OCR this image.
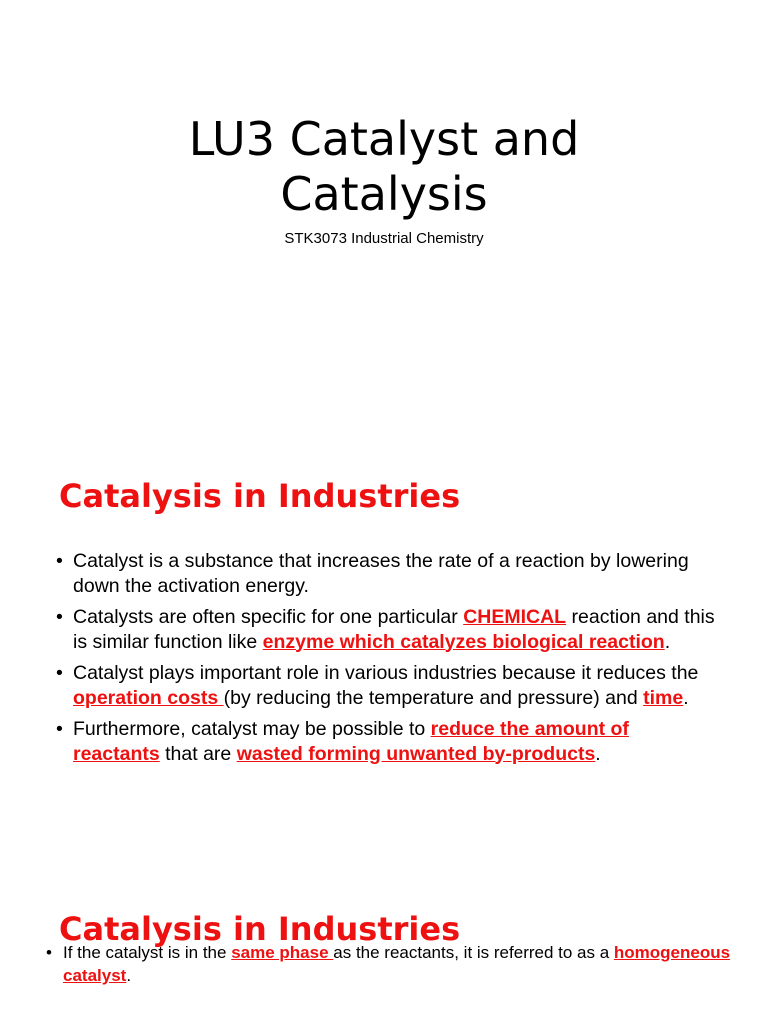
LU3 Catalyst and
Catalysis
STK3073 Industrial Chemistry
Catalysis in Industries
• Catalyst is a substance that increases the rate of a reaction by lowering down the activation energy.
• Catalysts are often specific for one particular CHEMICAL reaction and this is similar function like enzyme which catalyzes biological reaction.
• Catalyst plays important role in various industries because it reduces the operation costs (by reducing the temperature and pressure) and time.
• Furthermore, catalyst may be possible to reduce the amount of reactants that are wasted forming unwanted by-products.
Catalysis in Industries
• If the catalyst is in the same phase as the reactants, it is referred to as a homogeneous catalyst.
